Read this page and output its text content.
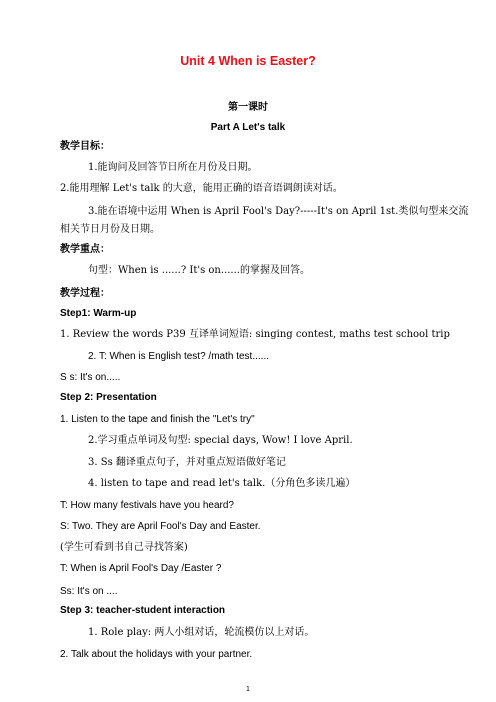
Unit 4 When is Easter?
第一课时
Part A Let's talk
教学目标：
1.能询问及回答节日所在月份及日期。
2.能用理解 Let's talk 的大意，能用正确的语音语调朗读对话。
3.能在语境中运用 When is April Fool's Day?-----It's on April 1st.类似句型来交流
相关节日月份及日期。
教学重点：
句型：When is ......? It's on......的掌握及回答。
教学过程：
Step1: Warm-up
1. Review the words P39 互译单词短语: singing contest, maths test school trip
2. T: When is English test? /math test......
S s: It's on.....
Step 2: Presentation
1. Listen to the tape and finish the "Let's try"
2.学习重点单词及句型: special days, Wow! I love April.
3. Ss 翻译重点句子，并对重点短语做好笔记
4. listen to tape and read let's talk.（分角色多读几遍）
T: How many festivals have you heard?
S: Two. They are April Fool's Day and Easter.
(学生可看到书自己寻找答案)
T: When is April Fool's Day /Easter ?
Ss: It's on ....
Step 3: teacher-student interaction
1. Role play: 两人小组对话，轮流模仿以上对话。
2. Talk about the holidays with your partner.
1
